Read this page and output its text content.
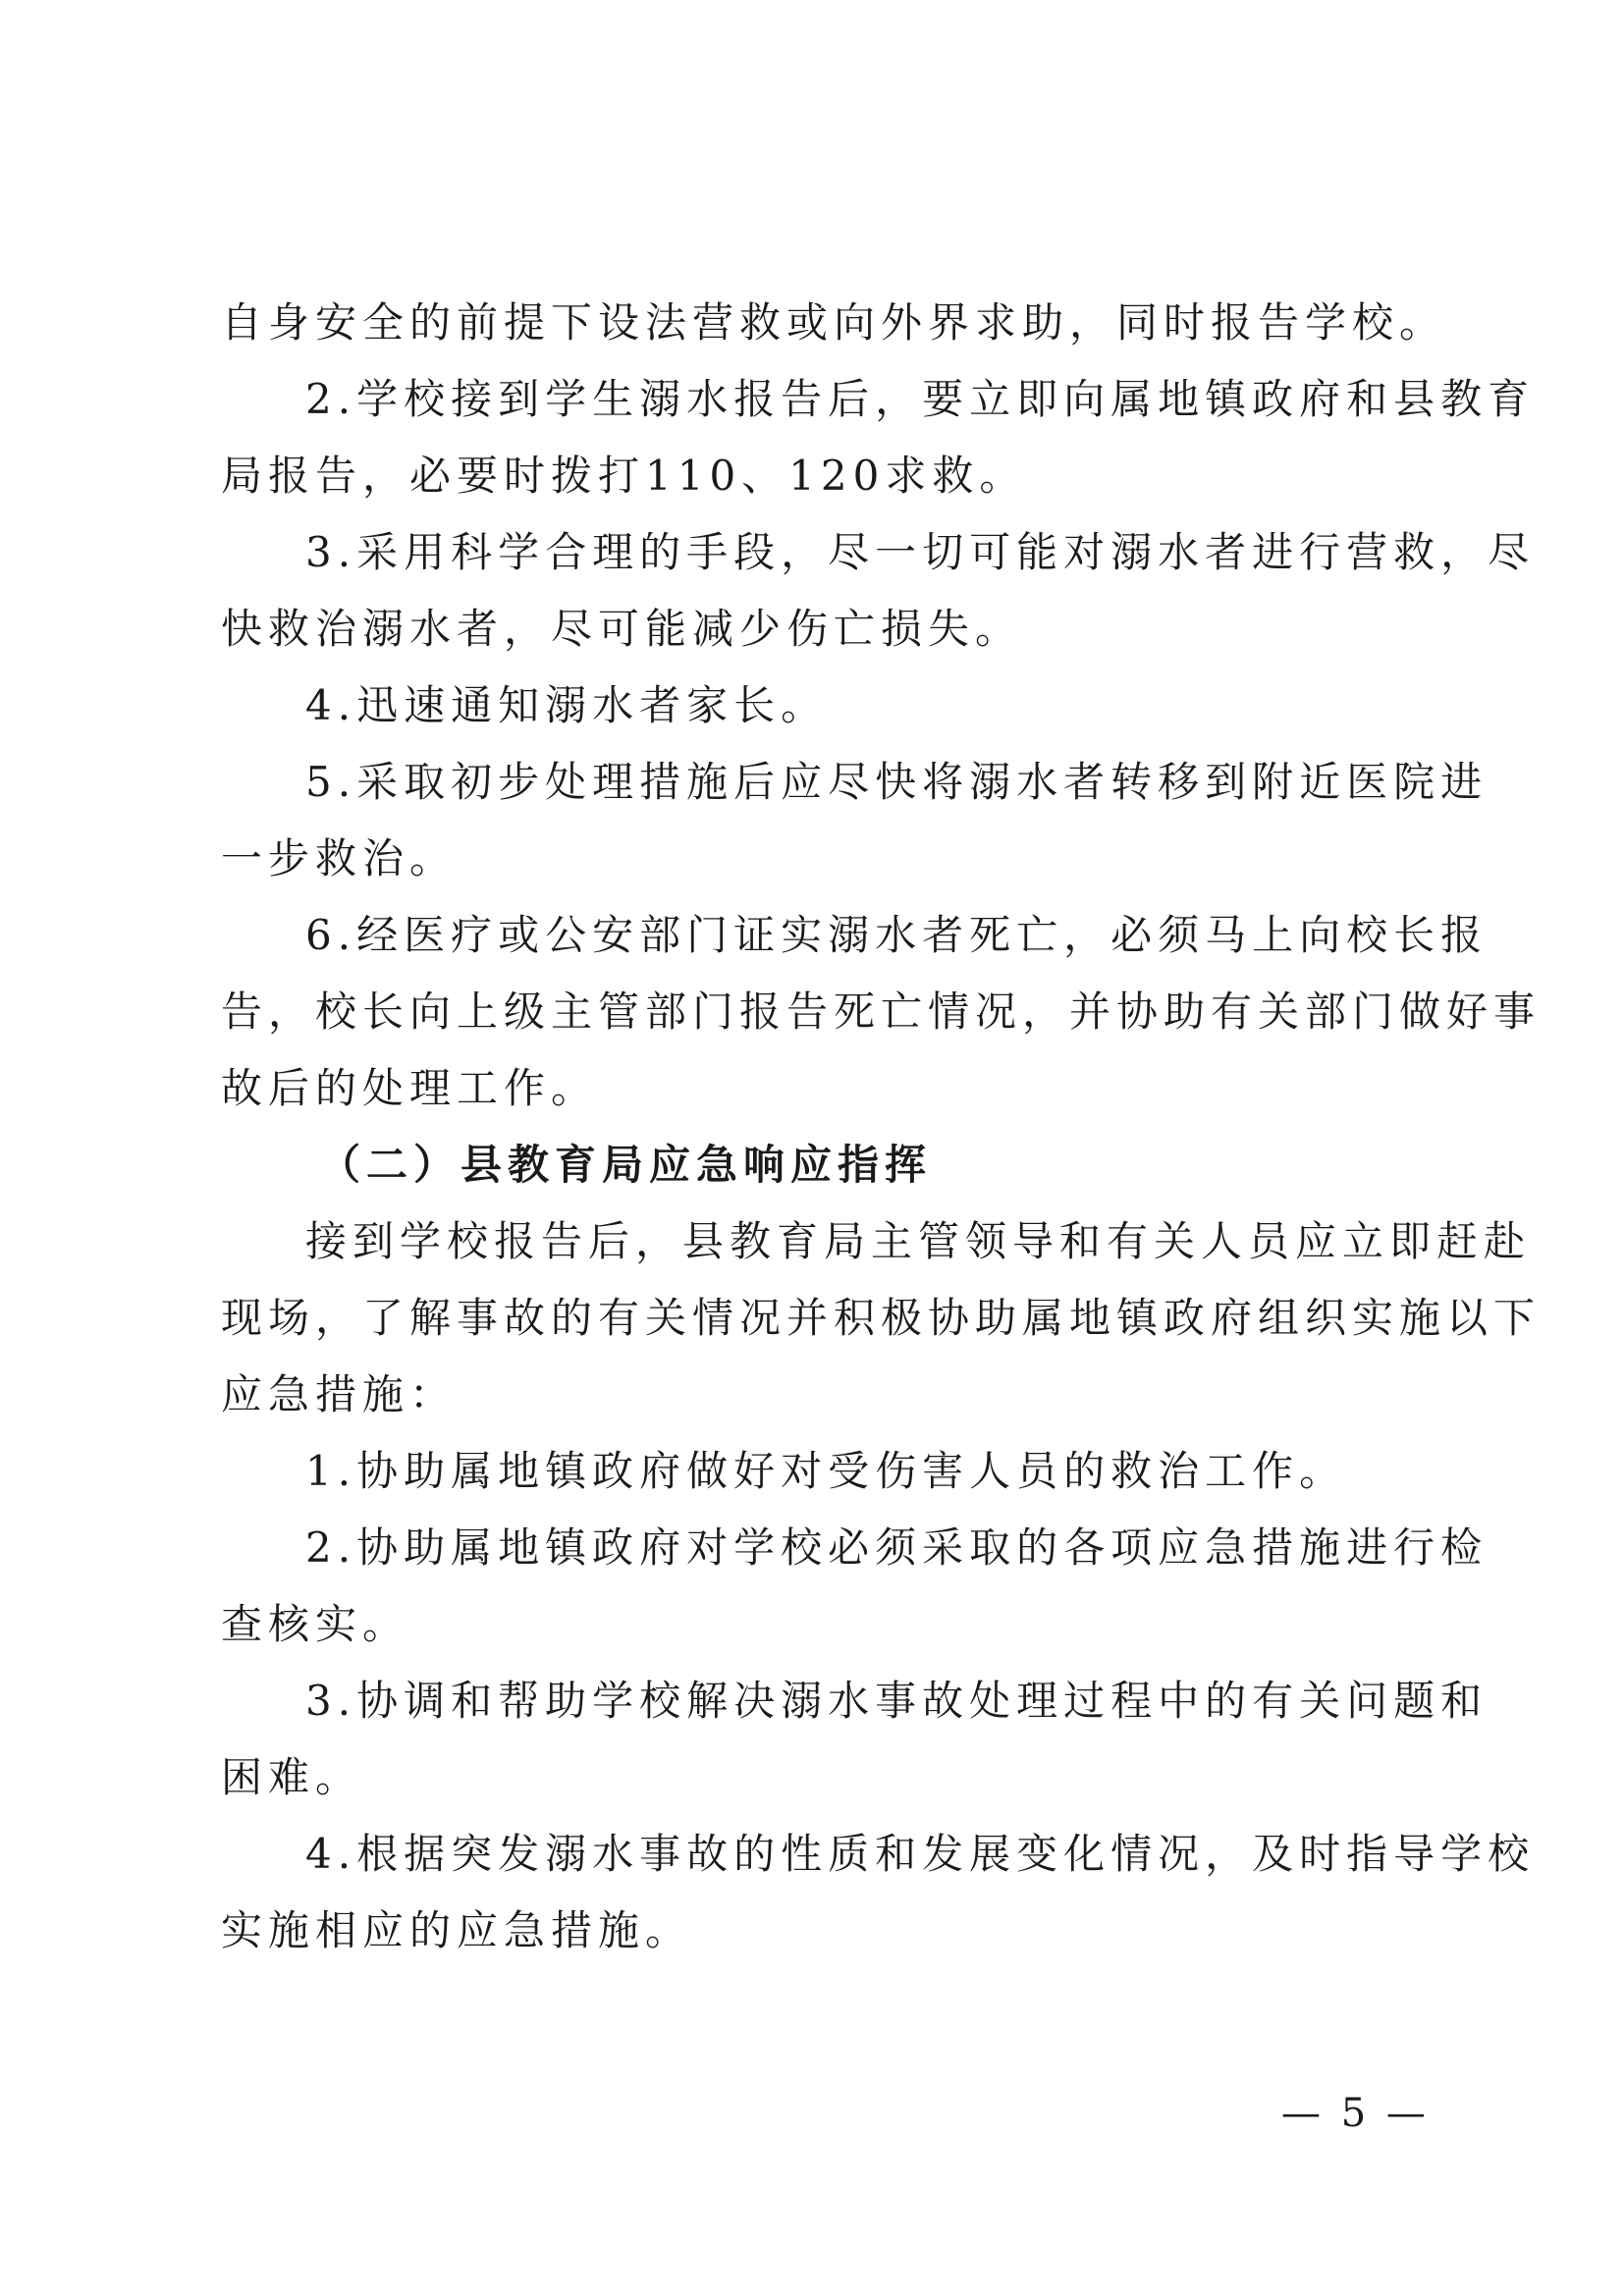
自身安全的前提下设法营救或向外界求助，同时报告学校。

2.学校接到学生溺水报告后，要立即向属地镇政府和县教育

局报告，必要时拨打110、120求救。

3.采用科学合理的手段，尽一切可能对溺水者进行营救，尽

快救治溺水者，尽可能减少伤亡损失。

4.迅速通知溺水者家长。

5.采取初步处理措施后应尽快将溺水者转移到附近医院进

一步救治。

6.经医疗或公安部门证实溺水者死亡，必须马上向校长报

告，校长向上级主管部门报告死亡情况，并协助有关部门做好事

故后的处理工作。

（二）县教育局应急响应指挥

接到学校报告后，县教育局主管领导和有关人员应立即赶赴

现场，了解事故的有关情况并积极协助属地镇政府组织实施以下

应急措施：

1.协助属地镇政府做好对受伤害人员的救治工作。

2.协助属地镇政府对学校必须采取的各项应急措施进行检

查核实。

3.协调和帮助学校解决溺水事故处理过程中的有关问题和

困难。

4.根据突发溺水事故的性质和发展变化情况，及时指导学校

实施相应的应急措施。

— 5 —
